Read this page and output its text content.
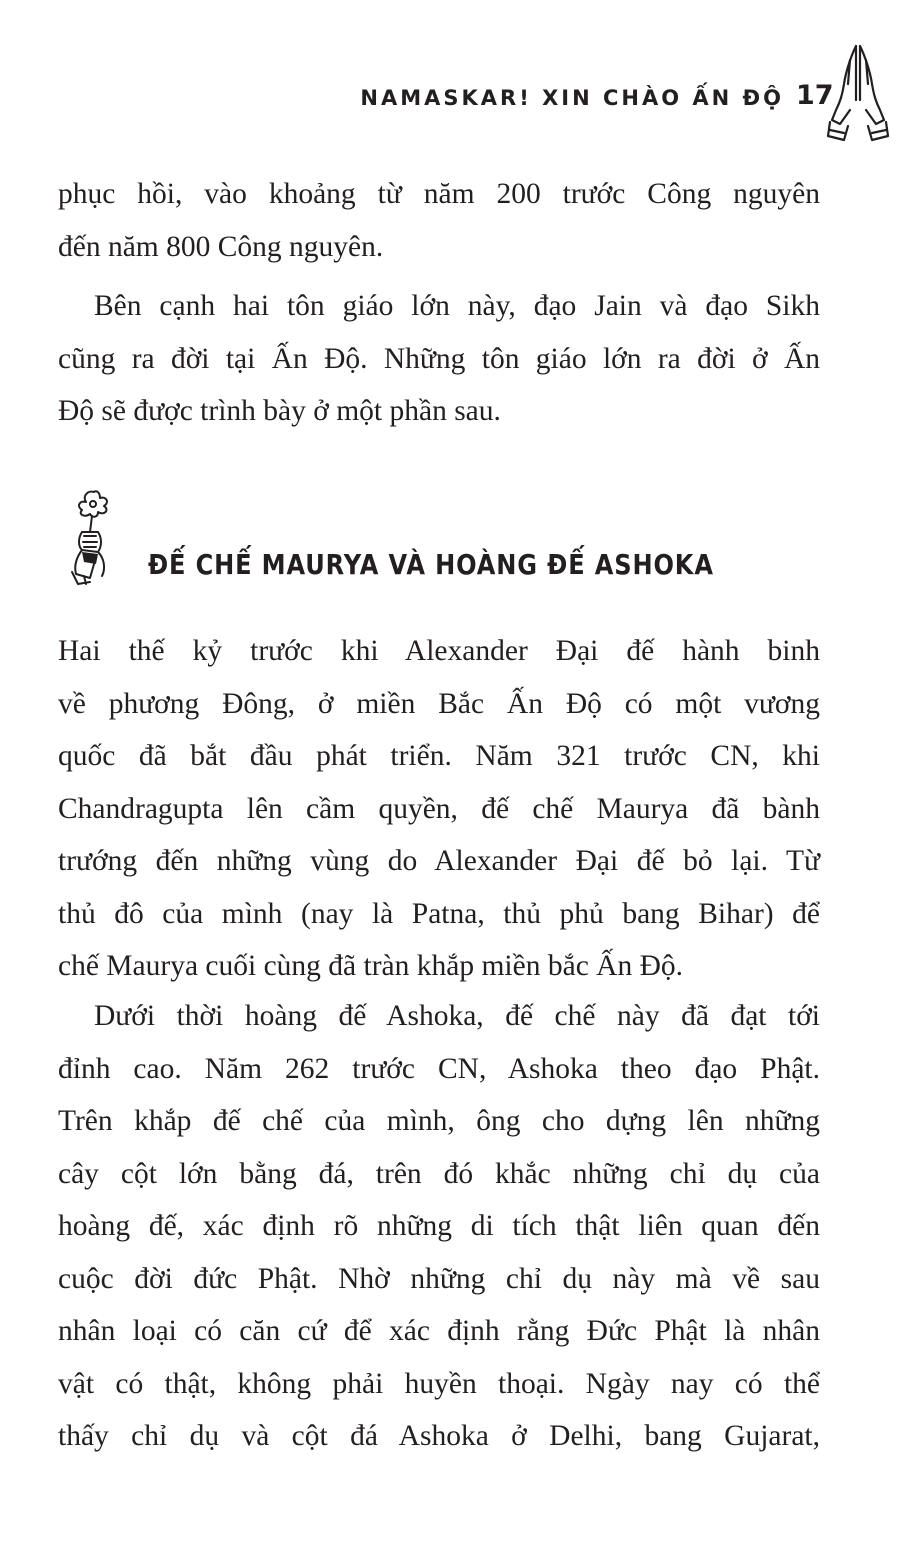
NAMASKAR! XIN CHÀO ẤN ĐỘ 17

phục hồi, vào khoảng từ năm 200 trước Công nguyên
đến năm 800 Công nguyên.

Bên cạnh hai tôn giáo lớn này, đạo Jain và đạo Sikh
cũng ra đời tại Ấn Độ. Những tôn giáo lớn ra đời ở Ấn
Độ sẽ được trình bày ở một phần sau.

ĐẾ CHẾ MAURYA VÀ HOÀNG ĐẾ ASHOKA

Hai thế kỷ trước khi Alexander Đại đế hành binh
về phương Đông, ở miền Bắc Ấn Độ có một vương
quốc đã bắt đầu phát triển. Năm 321 trước CN, khi
Chandragupta lên cầm quyền, đế chế Maurya đã bành
trướng đến những vùng do Alexander Đại đế bỏ lại. Từ
thủ đô của mình (nay là Patna, thủ phủ bang Bihar) để
chế Maurya cuối cùng đã tràn khắp miền bắc Ấn Độ.

Dưới thời hoàng đế Ashoka, đế chế này đã đạt tới
đỉnh cao. Năm 262 trước CN, Ashoka theo đạo Phật.
Trên khắp đế chế của mình, ông cho dựng lên những
cây cột lớn bằng đá, trên đó khắc những chỉ dụ của
hoàng đế, xác định rõ những di tích thật liên quan đến
cuộc đời đức Phật. Nhờ những chỉ dụ này mà về sau
nhân loại có căn cứ để xác định rằng Đức Phật là nhân
vật có thật, không phải huyền thoại. Ngày nay có thể
thấy chỉ dụ và cột đá Ashoka ở Delhi, bang Gujarat,
